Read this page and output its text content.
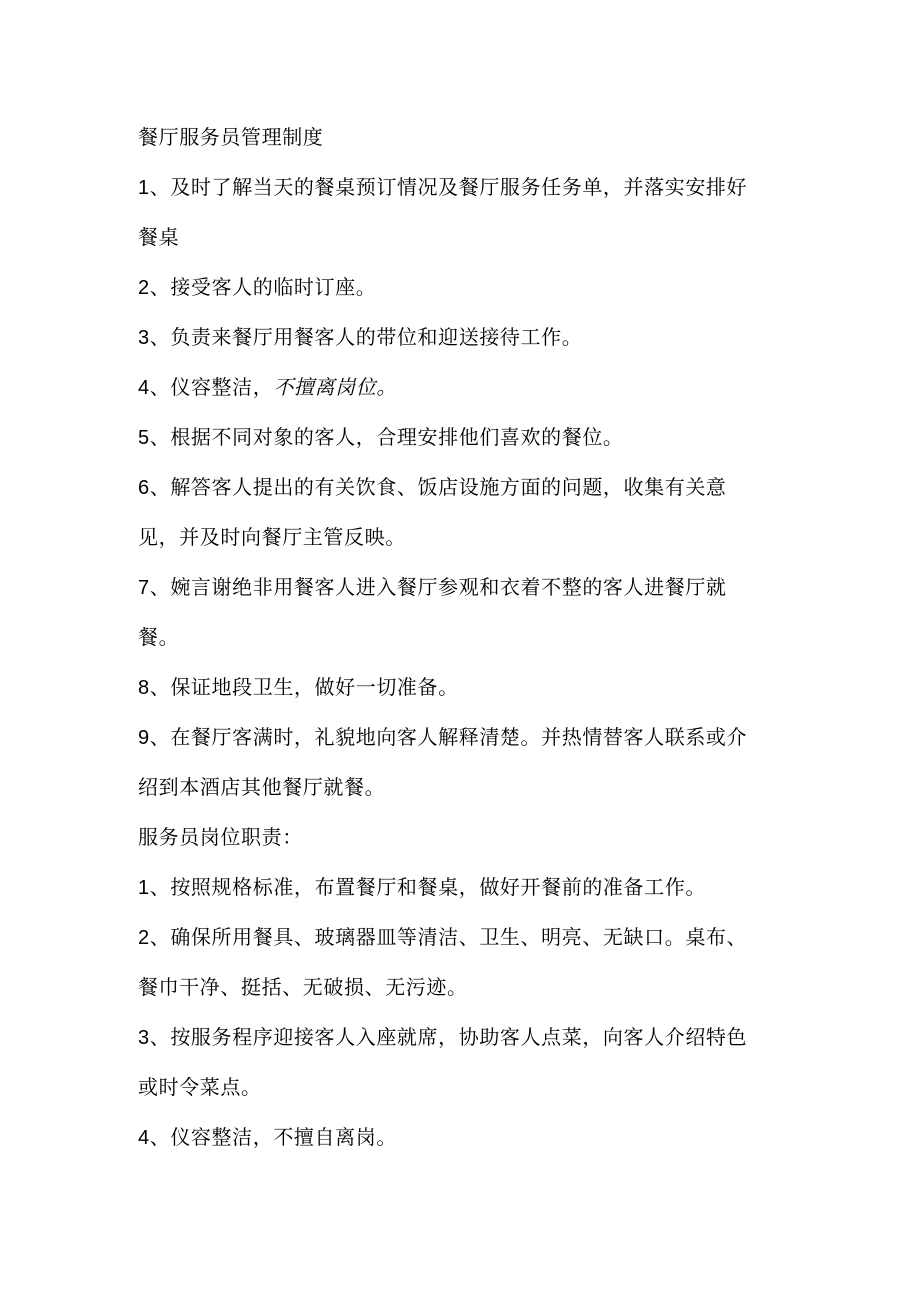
餐厅服务员管理制度
1、及时了解当天的餐桌预订情况及餐厅服务任务单，并落实安排好
餐桌
2、接受客人的临时订座。
3、负责来餐厅用餐客人的带位和迎送接待工作。
4、仪容整洁，不擅离岗位。
5、根据不同对象的客人，合理安排他们喜欢的餐位。
6、解答客人提出的有关饮食、饭店设施方面的问题，收集有关意
见，并及时向餐厅主管反映。
7、婉言谢绝非用餐客人进入餐厅参观和衣着不整的客人进餐厅就
餐。
8、保证地段卫生，做好一切准备。
9、在餐厅客满时，礼貌地向客人解释清楚。并热情替客人联系或介
绍到本酒店其他餐厅就餐。
服务员岗位职责：
1、按照规格标准，布置餐厅和餐桌，做好开餐前的准备工作。
2、确保所用餐具、玻璃器皿等清洁、卫生、明亮、无缺口。桌布、
餐巾干净、挺括、无破损、无污迹。
3、按服务程序迎接客人入座就席，协助客人点菜，向客人介绍特色
或时令菜点。
4、仪容整洁，不擅自离岗。
